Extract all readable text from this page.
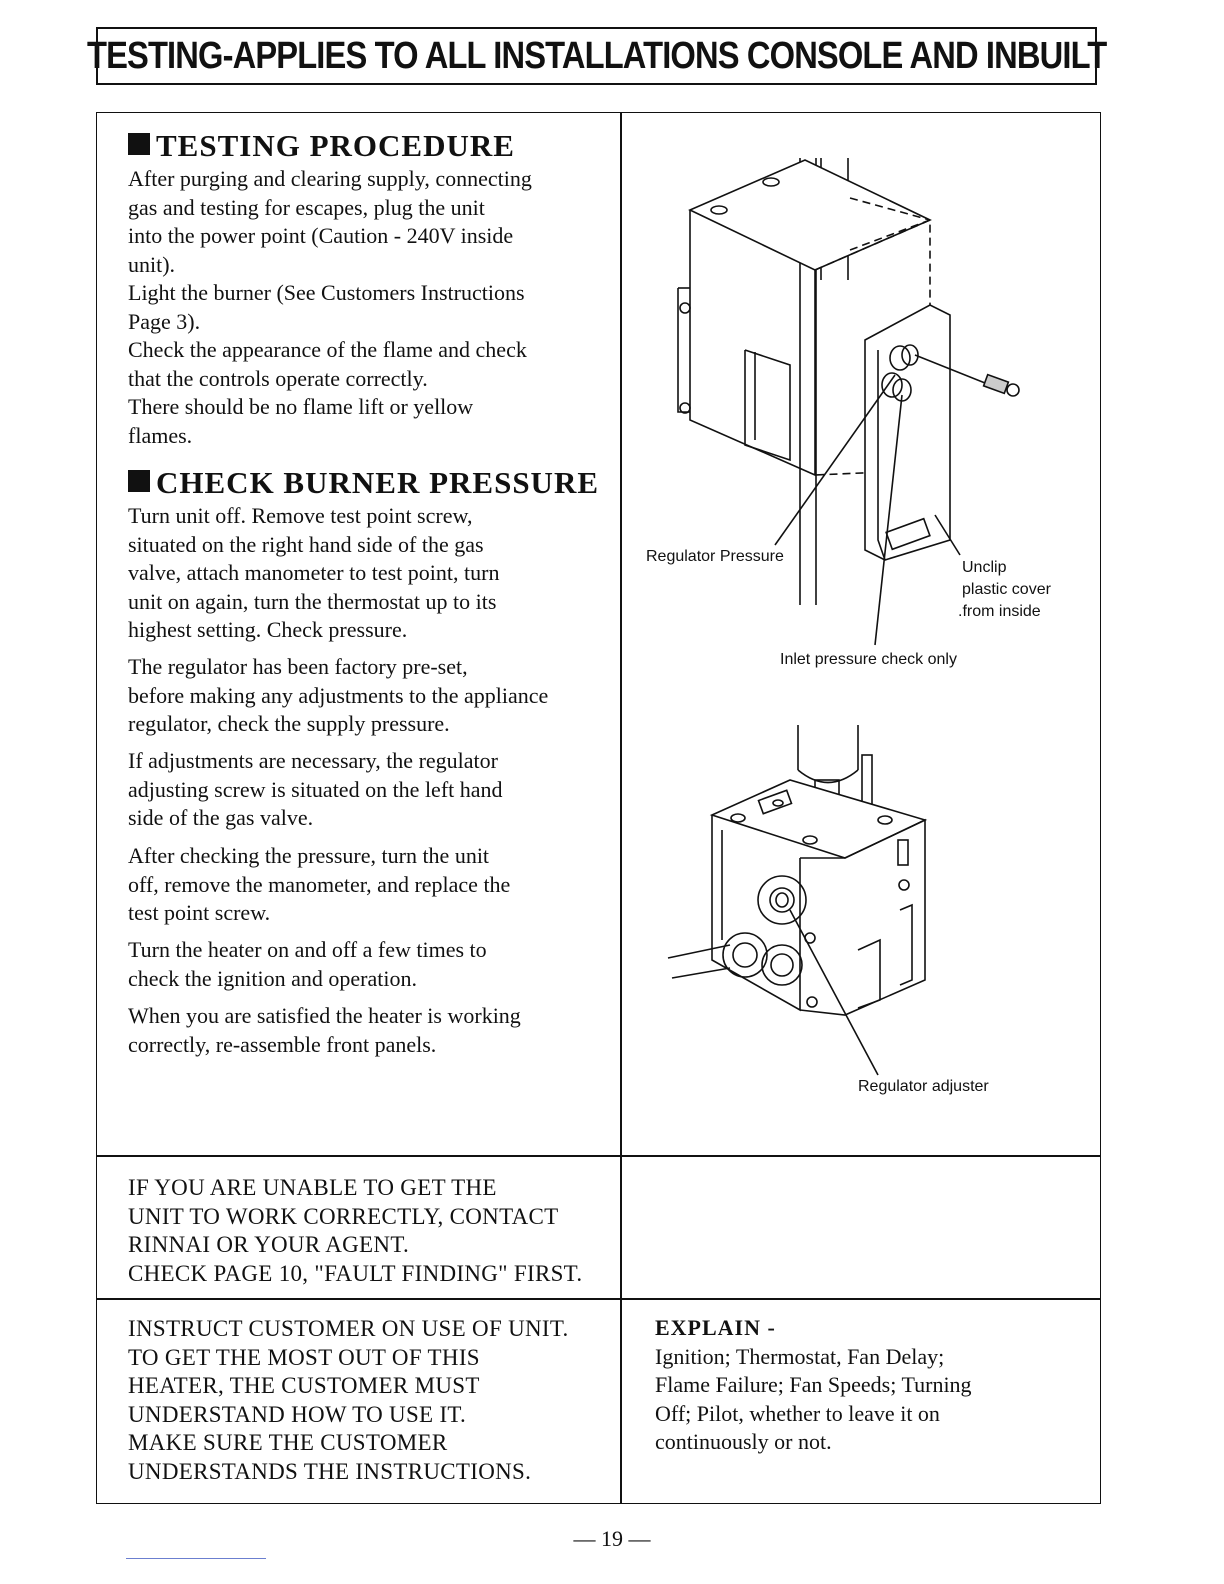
TESTING-APPLIES TO ALL INSTALLATIONS CONSOLE AND INBUILT
TESTING PROCEDURE

After purging and clearing supply, connecting

gas and testing for escapes, plug the unit

into the power point (Caution - 240V inside

unit).

Light the burner (See Customers Instructions

Page 3).

Check the appearance of the flame and check

that the controls operate correctly.

There should be no flame lift or yellow

flames.

CHECK BURNER PRESSURE

Turn unit off. Remove test point screw,

situated on the right hand side of the gas

valve, attach manometer to test point, turn

unit on again, turn the thermostat up to its

highest setting. Check pressure.

The regulator has been factory pre-set,

before making any adjustments to the appliance

regulator, check the supply pressure.

If adjustments are necessary, the regulator

adjusting screw is situated on the left hand

side of the gas valve.

After checking the pressure, turn the unit

off, remove the manometer, and replace the

test point screw.

Turn the heater on and off a few times to

check the ignition and operation.

When you are satisfied the heater is working

correctly, re-assemble front panels.

Regulator Pressure
Unclip
plastic cover
.from inside
Inlet pressure check only
Regulator adjuster

IF YOU ARE UNABLE TO GET THE

UNIT TO WORK CORRECTLY, CONTACT

RINNAI OR YOUR AGENT.

CHECK PAGE 10, "FAULT FINDING" FIRST.

INSTRUCT CUSTOMER ON USE OF UNIT.

TO GET THE MOST OUT OF THIS

HEATER, THE CUSTOMER MUST

UNDERSTAND HOW TO USE IT.

MAKE SURE THE CUSTOMER

UNDERSTANDS THE INSTRUCTIONS.

EXPLAIN -

Ignition; Thermostat, Fan Delay;

Flame Failure; Fan Speeds; Turning

Off; Pilot, whether to leave it on

continuously or not.

— 19 —
